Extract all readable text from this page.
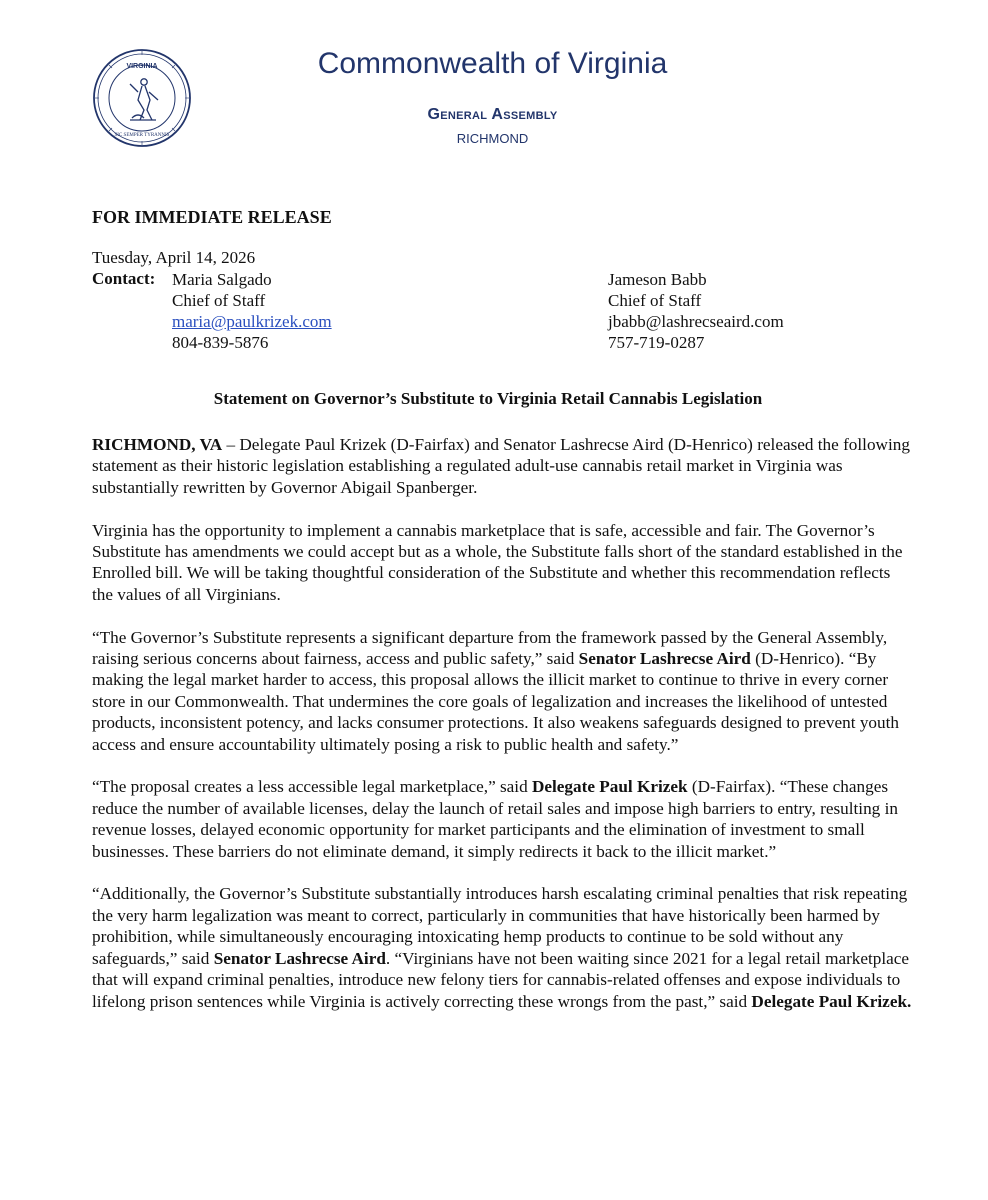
VIRGINIA
SIC SEMPER TYRANNIS
Commonwealth of Virginia
General Assembly
RICHMOND
FOR IMMEDIATE RELEASE
Tuesday, April 14, 2026
Contact: Maria Salgado
Chief of Staff
maria@paulkrizek.com
804-839-5876
Jameson Babb
Chief of Staff
jbabb@lashrecseaird.com
757-719-0287
Statement on Governor’s Substitute to Virginia Retail Cannabis Legislation

RICHMOND, VA – Delegate Paul Krizek (D-Fairfax) and Senator Lashrecse Aird (D-Henrico) released the following statement as their historic legislation establishing a regulated adult-use cannabis retail market in Virginia was substantially rewritten by Governor Abigail Spanberger.

Virginia has the opportunity to implement a cannabis marketplace that is safe, accessible and fair. The Governor’s Substitute has amendments we could accept but as a whole, the Substitute falls short of the standard established in the Enrolled bill. We will be taking thoughtful consideration of the Substitute and whether this recommendation reflects the values of all Virginians.

“The Governor’s Substitute represents a significant departure from the framework passed by the General Assembly, raising serious concerns about fairness, access and public safety,” said Senator Lashrecse Aird (D-Henrico). “By making the legal market harder to access, this proposal allows the illicit market to continue to thrive in every corner store in our Commonwealth. That undermines the core goals of legalization and increases the likelihood of untested products, inconsistent potency, and lacks consumer protections. It also weakens safeguards designed to prevent youth access and ensure accountability ultimately posing a risk to public health and safety.”

“The proposal creates a less accessible legal marketplace,” said Delegate Paul Krizek (D-Fairfax). “These changes reduce the number of available licenses, delay the launch of retail sales and impose high barriers to entry, resulting in revenue losses, delayed economic opportunity for market participants and the elimination of investment to small businesses. These barriers do not eliminate demand, it simply redirects it back to the illicit market.”

“Additionally, the Governor’s Substitute substantially introduces harsh escalating criminal penalties that risk repeating the very harm legalization was meant to correct, particularly in communities that have historically been harmed by prohibition, while simultaneously encouraging intoxicating hemp products to continue to be sold without any safeguards,” said Senator Lashrecse Aird. “Virginians have not been waiting since 2021 for a legal retail marketplace that will expand criminal penalties, introduce new felony tiers for cannabis-related offenses and expose individuals to lifelong prison sentences while Virginia is actively correcting these wrongs from the past,” said Delegate Paul Krizek.
